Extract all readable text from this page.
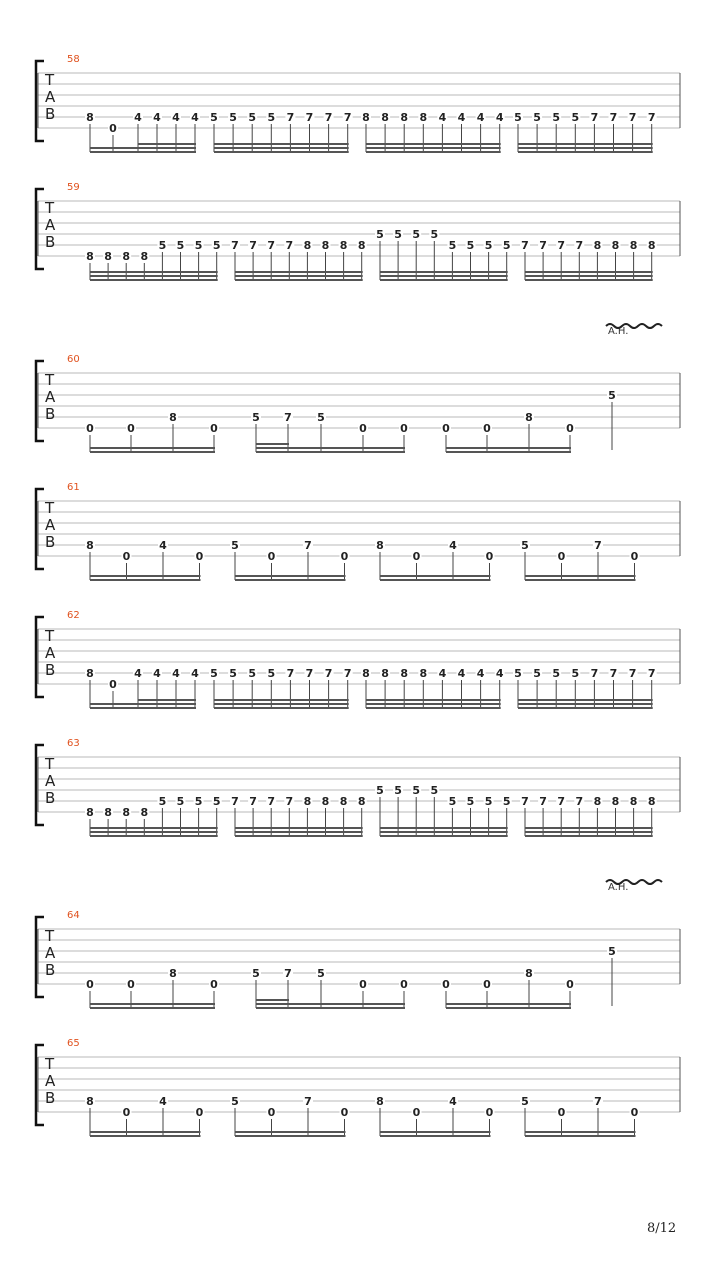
58
T
A
B	8
0
4 4 4 4 5 5 5 5 7 7 7 7 8 8 8 8 4 4 4 4 5 5 5 5 7 7 7 7
59
T
A
B
8 8 8 8
5 5 5 5 7 7 7 7 8 8 8 8
5 5 5 5
5 5 5 5 7 7 7 7 8 8 8 8
60
T
A
B
A.H.
0	0
8
0
5 7 5
0	0	0	0
8
0
5
61
T
A
B	8
0
4
0
5
0
7
0
8
0
4
0
5
0
7
0
62
T
A
B	8
0
4 4 4 4 5 5 5 5 7 7 7 7 8 8 8 8 4 4 4 4 5 5 5 5 7 7 7 7
63
T
A
B
8 8 8 8
5 5 5 5 7 7 7 7 8 8 8 8
5 5 5 5
5 5 5 5 7 7 7 7 8 8 8 8
64
T
A
B
A.H.
0	0
8
0
5 7 5
0	0	0	0
8
0
5
65
T
A
B	8
0
4
0
5
0
7
0
8
0
4
0
5
0
7
0
8/12
